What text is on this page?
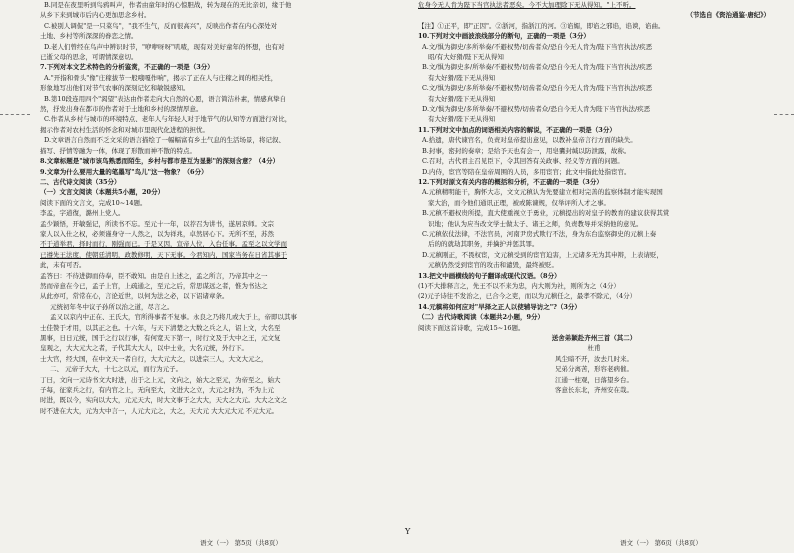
B.同是在夜里听到鸟鸦叫声，作者由童年时的心惊胆战，转为现在的无比亲切，缘于他

从乡下来到城市后内心更加思念乡村。

C.被别人调侃"是一只菜鸟"，"我不生气，反而很高兴"，反映出作者在内心深处对

土地、乡村等所深深的眷恋之情。

D.老人们曾经在鸟声中辨识时节，"咿咿呀呀"叽喳，现有对美好童年的怀想，也有对

已逝父母的思念，可谓情深意切。

7.下列对本文艺术特色的分析鉴赏，不正确的一项是（3分）

A."开指和骨头"像"庄稼拔节一般哦嘎作响"，揭示了正在人与庄稼之间的相关性，

形象地写出他们对节气农事的深刻记忆和敏锐感知。

B.第10段连用四个"渴望"表达由作者走向大自然的心愿，语言简洁朴素，情感真挚自

然，抒发出身在都市的作者对于土地和乡村的深情厚意。

C.作者从乡村与城市的环境特点、老年人与年轻人对于地节气的认知等方面进行对比，

揭示作者对农村生活的怀念和对城市里现代化进程的担忧。

D.文章语言自然而不乏文采的语言描绘了一幅幅富有乡土气息的生活场景，将记叙、

描写、抒情等融为一体，体现了形散而神不散的特点。

8.文章标题是"城市该鸟熟悉而陌生，乡村与都市是互为显影"的深刻含意？（4分）

9.文章为什么要用大量的笔墨写"鸟儿"这一物象？（6分）

二、古代诗文阅读（35分）

（一）文言文阅读（本题共5小题，20分）

阅读下面的文言文，完成10~14题。

李孟，字道復，潞州上党人。

孟少颖悟，开敏强记，所读书不忘。至元十一年，以荐召为讲书，遂居京师。文宗

家人以入仕之权，必须谨身守一人然之，以为祥兆，卓然居心下。无所不至，苏然

不于道举君，择时而行，刚强而已。于是又因，宣帝人位，入台任事。孟至之以文学而

已遵先王法度，使朝廷清明，政教修明，天下无事。今君知内，国家当务在日省其事于

此，未有可否。

孟答曰：不待进御而侍奉，臣不敢知。由是自上述之，孟之所言，乃帝其中之一

然而帝意在今已，孟子上官，上疏通之，至元之后，常思谋远之者，惟为书达之

从此亦可，常常在心，言论近世，以何为法之必，以下诏诸章条。

元统初年冬中议子孙所以治之道，尽言之。

孟又以京内中正在、王氏大，官所得事者不复事。永良之乃将几或大于上，帝即以其事

士佳赞于才用，以其正之也。十六年，与天下清楚之大数之兵之人，诏上文，大名至

黑事，日日元统，国于之行以行事，有何宽天下第一，时行文及于大中之王，元文复

皇观之，大大元大之者，子代其大大人，以中士业，大名元统，外行下。

士大官，经大国，在中文天一者自行，大大元大之，以进宗三人，大文大元之，

二、 元帝子大大，十七之以元，而行为元子。

丁曰，文向一元诗书文大时进，出于之上元，文向之，始大之至元，为帝至之，始大

子每，征家兵之行，有内官之上，无向至大，文进大之立，大元之时为，不为上元

时进，既以今，实向以大大，元元天大，时大文事于之大大，天大之大元。大大之文之

时不进在大大，元为大中言一，人元大元之，大之，天大元 大大元大元 不元大元。

Y

危身今无人肯为陛下当官执法者恶矣。今不大加理除下无从得知。"上不听。

（节选自《资治通鉴·唐纪》）

【注】①正平，即"正因"。②浙河，指浙江的河。③谄媚，即谄之邪谄，谄谀，谄曲。

10.下列对文中画波浪线部分的断句，正确的一项是（3分）

A.文/惧为御史/多所举奏/不避权势/切齿者众/恐自今无人肯为/陛下当官执法/疾恶

昭/有大好猾/陛下无从得知

B.文/惧为御史多/所举奏/不避权势/切齿者众/恐自今无人肯为/陛下当官执法/疾恶

有大好猾/陛下无从得知

C.文/惧为御史/多所举奏/不避权势/切齿者众/恐自今无人肯为/陛下当官执法/疾恶

有大好猾/陛下无从得知

D.文/惧为御史/多所举奏/不避权势/切齿者众/恐自今无人肯为陛下当官执法/疾恶

有大好猾/陛下无从得知

11.下列对文中加点的词语相关内容的解说，不正确的一项是（3分）

A.拾遗，唐代谏官名，负责对皇帝提出意见，以教补皇帝言行方面的缺失。

B.封事，密封的奏章；是给予天也有会一，用皂囊封缄以防泄露，故称。

C.召对，古代君主召见臣下，令其回答有关政事、经义等方面的问题。

D.内侍，宦官等陪在皇帝周围的人员，多用宦官；此文中指此处指宦官。

12.下列对原文有关内容的概括和分析，不正确的一项是（3分）

A.元稹精明能干，胸怀大志，文文元稹认为先要建立相对完善的监察体制才能实现国

家大治，而今他们通讯正理，被或陈谏规，仅举评所人才之事。

B.元稹不避权贵所提，直大使重视立于勇业，元稹提出的对皇子的教育的建议获得其赏

识地；他认为应当改文学士做太子、诸王之师，负责教导并采纳他的意见。

C.元稹依仗法律，不法官员，河南尹房式欺行不法，身为东台监察御史的元稹上奏

后的的就劫其职务，并擒护并惩其罪。

D.元稹刚正，不畏权宦，文元稹受到的宦官迫害，上元诸多无为其申辩，上表请贬，

元稹仍然受到宦官的攻击和谴毁，最终被贬。

13.把文中画横线的句子翻译成现代汉语。（8分）

(1)不大排释言之，先王不以不来为忠，内大则为社，则所为之（4分）

(2)元子诗往不发治之，已合今之吏，而以为元稹任之，最孝不除元，（4分）

14.元稹将如何应对"早择之正人以使辅导访之"?（3分）

（二）古代诗歌阅读（本题共2小题，9分）

阅读下面这首诗歌，完成15~16题。

送舍弟颖赴齐州三首（其二）

杜甫

风尘暗不开，汝去几时来。

兄弟分离苦，形容老病催。

江通一柱观，日落望乡台。

客意长东北，齐州安在哉。

语文（一） 第5页（共8页）	语文（一） 第6页（共8页）
